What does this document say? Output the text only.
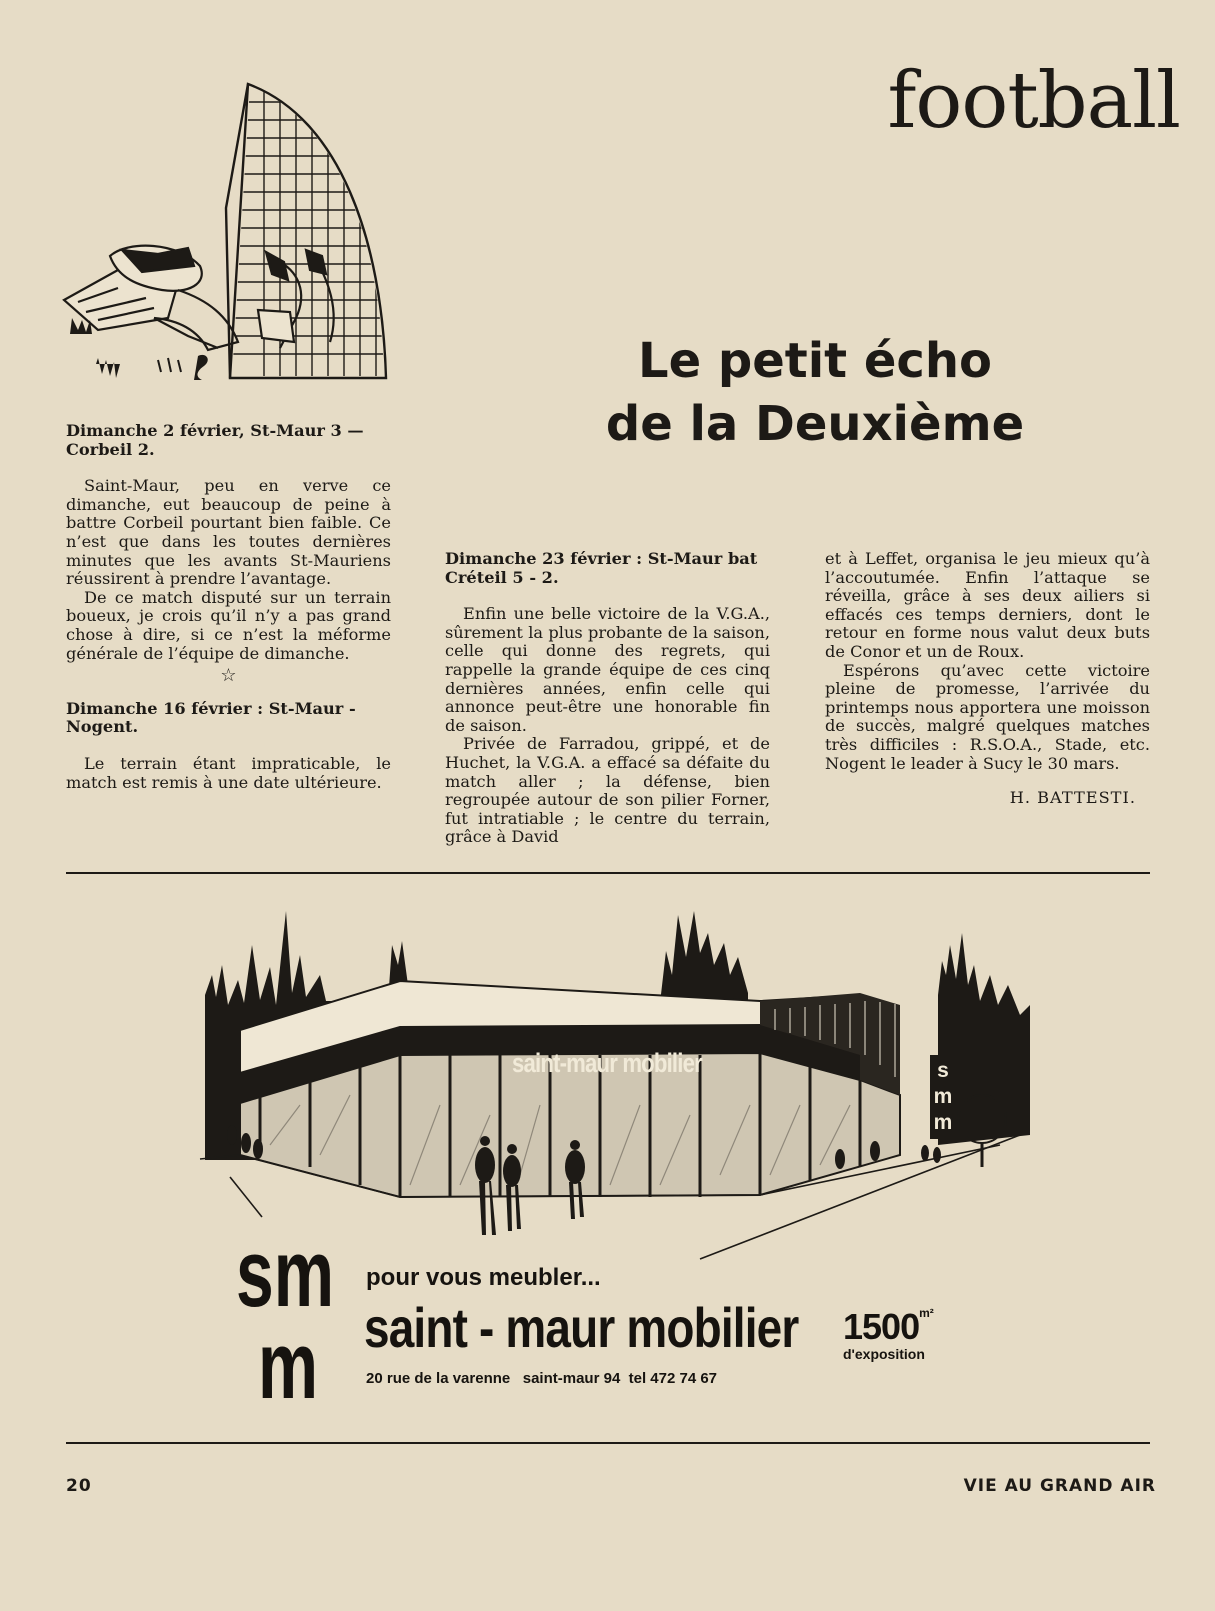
football
Le petit écho
de la Deuxième

Dimanche 2 février, St-Maur 3 — Corbeil 2.

Saint-Maur, peu en verve ce dimanche, eut beaucoup de peine à battre Corbeil pourtant bien faible. Ce n’est que dans les toutes dernières minutes que les avants St-Mauriens réussirent à prendre l’avantage.

De ce match disputé sur un terrain boueux, je crois qu’il n’y a pas grand chose à dire, si ce n’est la méforme générale de l’équipe de dimanche.

☆

Dimanche 16 février : St-Maur - Nogent.

Le terrain étant impraticable, le match est remis à une date ultérieure.

Dimanche 23 février : St-Maur bat Créteil 5 - 2.

Enfin une belle victoire de la V.G.A., sûrement la plus probante de la saison, celle qui donne des regrets, qui rappelle la grande équipe de ces cinq dernières années, enfin celle qui annonce peut-être une honorable fin de saison.

Privée de Farradou, grippé, et de Huchet, la V.G.A. a effacé sa défaite du match aller ; la défense, bien regroupée autour de son pilier Forner, fut intratiable ; le centre du terrain, grâce à David

et à Leffet, organisa le jeu mieux qu’à l’accoutumée. Enfin l’attaque se réveilla, grâce à ses deux ailiers si effacés ces temps derniers, dont le retour en forme nous valut deux buts de Conor et un de Roux.

Espérons qu’avec cette victoire pleine de promesse, l’arrivée du printemps nous apportera une moisson de succès, malgré quelques matches très difficiles : R.S.O.A., Stade, etc. Nogent le leader à Sucy le 30 mars.

H. BATTESTI.
saint-maur mobilier	s
m
m
sm
m
pour vous meubler...
saint - maur mobilier $1500^{m^2}$
d'exposition
20 rue de la varenne   saint-maur 94  tel 472 74 67
20	VIE AU GRAND AIR
